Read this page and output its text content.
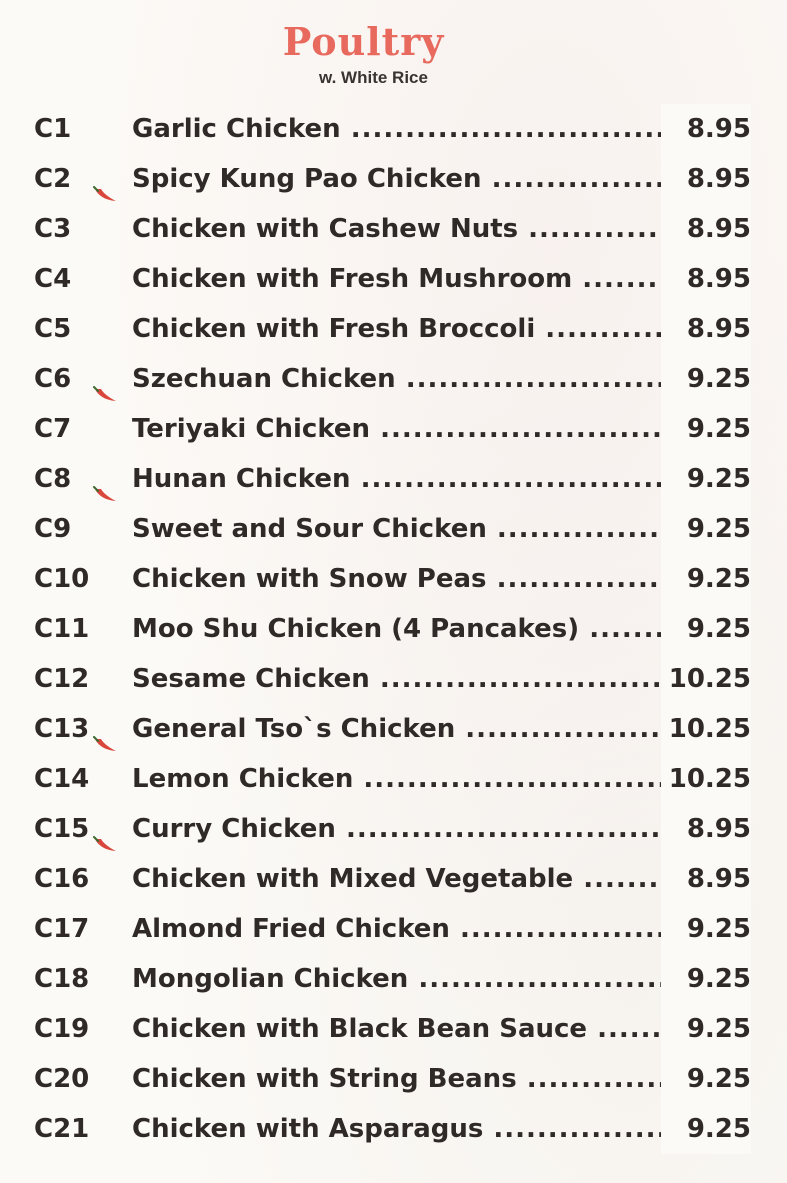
Poultry
w. White Rice
C1	Garlic Chicken .....	8.95
C2	Spicy Kung Pao Chicken .....	8.95
C3	Chicken with Cashew Nuts .....	8.95
C4	Chicken with Fresh Mushroom .....	8.95
C5	Chicken with Fresh Broccoli .....	8.95
C6	Szechuan Chicken .....	9.25
C7	Teriyaki Chicken .....	9.25
C8	Hunan Chicken .....	9.25
C9	Sweet and Sour Chicken .....	9.25
C10 Chicken with Snow Peas .....	9.25
C11 Moo Shu Chicken (4 Pancakes) .....	9.25
C12 Sesame Chicken .....	10.25
C13 General Tso`s Chicken .....	10.25
C14 Lemon Chicken .....	10.25
C15 Curry Chicken .....	8.95
C16 Chicken with Mixed Vegetable .....	8.95
C17 Almond Fried Chicken .....	9.25
C18 Mongolian Chicken .....	9.25
C19 Chicken with Black Bean Sauce .....	9.25
C20 Chicken with String Beans .....	9.25
C21 Chicken with Asparagus .....	9.25
